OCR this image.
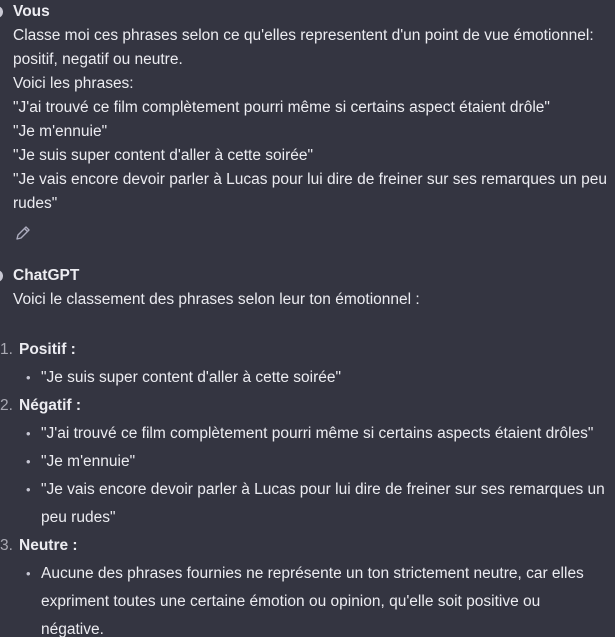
Vous
Classe moi ces phrases selon ce qu'elles representent d'un point de vue émotionnel:
positif, negatif ou neutre.
Voici les phrases:
"J'ai trouvé ce film complètement pourri même si certains aspect étaient drôle"
"Je m'ennuie"
"Je suis super content d'aller à cette soirée"
"Je vais encore devoir parler à Lucas pour lui dire de freiner sur ses remarques un peu
rudes"
ChatGPT
Voici le classement des phrases selon leur ton émotionnel :
1. Positif :
• "Je suis super content d'aller à cette soirée"
2. Négatif :
• "J'ai trouvé ce film complètement pourri même si certains aspects étaient drôles"
• "Je m'ennuie"
• "Je vais encore devoir parler à Lucas pour lui dire de freiner sur ses remarques un
peu rudes"
3. Neutre :
• Aucune des phrases fournies ne représente un ton strictement neutre, car elles
expriment toutes une certaine émotion ou opinion, qu'elle soit positive ou
négative.
